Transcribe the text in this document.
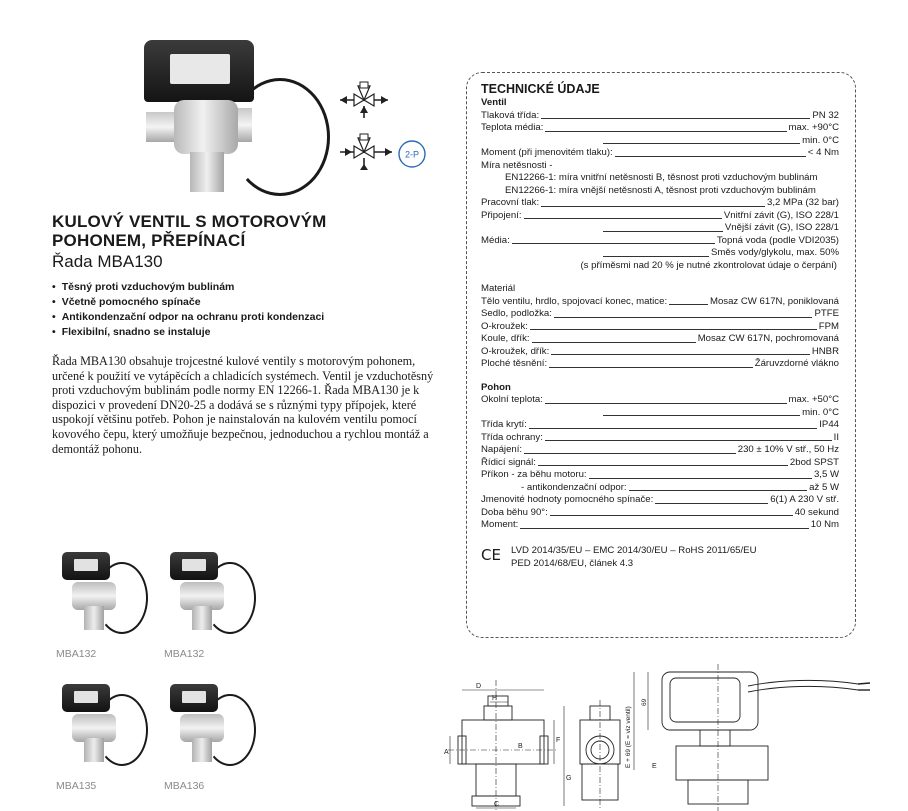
2-P
KULOVÝ VENTIL S MOTOROVÝM
POHONEM, PŘEPÍNACÍ
Řada MBA130
• Těsný proti vzduchovým bublinám
• Včetně pomocného spínače
• Antikondenzační odpor na ochranu proti kondenzaci
• Flexibilní, snadno se instaluje

Řada MBA130 obsahuje trojcestné kulové ventily s motorovým pohonem, určené k použití ve vytápěcích a chladicích systémech. Ventil je vzduchotěsný proti vzduchovým bublinám podle normy EN 12266-1. Řada MBA130 je k dispozici v provedení DN20-25 a dodává se s různými typy přípojek, které uspokojí většinu potřeb. Pohon je nainstalován na kulovém ventilu pomocí kovového čepu, který umožňuje bezpečnou, jednoduchou a rychlou montáž a demontáž pohonu.

MBA132	MBA132
MBA135	MBA136
TECHNICKÉ ÚDAJE
Ventil
Tlaková třída:	PN 32
Teplota média:	max. +90°C
min. 0°C
Moment (při jmenovitém tlaku):	< 4 Nm
Míra netěsnosti -
EN12266-1: míra vnitřní netěsnosti B, těsnost proti vzduchovým bublinám
EN12266-1: míra vnější netěsnosti A, těsnost proti vzduchovým bublinám
Pracovní tlak:	3,2 MPa (32 bar)
Připojení:	Vnitřní závit (G), ISO 228/1
Vnější závit (G), ISO 228/1
Média:	Topná voda (podle VDI2035)
Směs vody/glykolu, max. 50%
(s příměsmi nad 20 % je nutné zkontrolovat údaje o čerpání)
Materiál
Tělo ventilu, hrdlo, spojovací konec, matice:	Mosaz CW 617N, poniklovaná
Sedlo, podložka:	PTFE
O-kroužek:	FPM
Koule, dřík:	Mosaz CW 617N, pochromovaná
O-kroužek, dřík:	HNBR
Ploché těsnění:	Žáruvzdorné vlákno
Pohon
Okolní teplota:	max. +50°C
min. 0°C
Třída krytí:	IP44
Třída ochrany:	II
Napájení:	230 ± 10% V stř., 50 Hz
Řídicí signál:	2bod SPST
Příkon - za běhu motoru:	3,5 W
- antikondenzační odpor:	až 5 W
Jmenovité hodnoty pomocného spínače:	6(1) A 230 V stř.
Doba běhu 90°:	40 sekund
Moment:	10 Nm
CE	LVD 2014/35/EU – EMC 2014/30/EU – RoHS 2011/65/EU
PED 2014/68/EU, článek 4.3
D
H
B
F
G
A
C
E + 69 (E = viz ventil)
69
E
